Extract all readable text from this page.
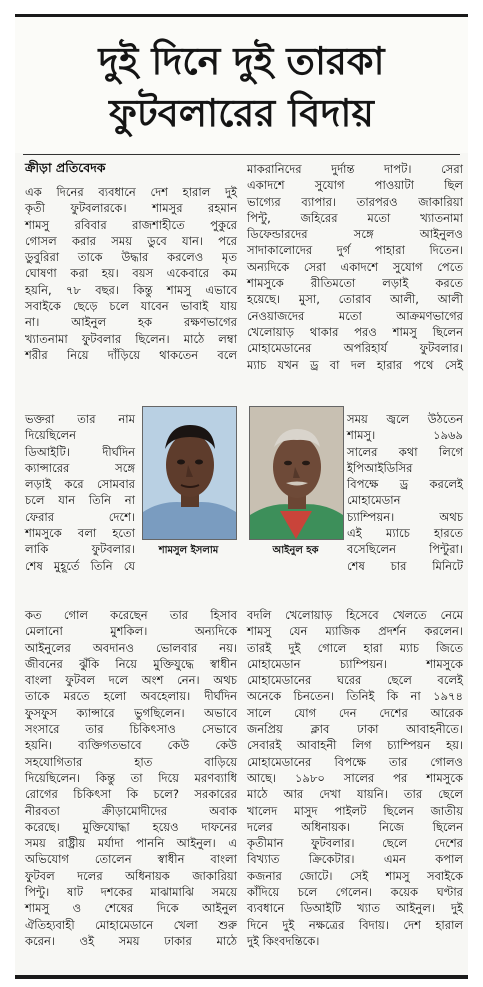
দুই দিনে দুই তারকা
ফুটবলারের বিদায়
ক্রীড়া প্রতিবেদক

এক দিনের ব্যবধানে দেশ হারাল দুই

কৃতী ফুটবলারকে। শামসুর রহমান

শামসু রবিবার রাজশাহীতে পুকুরে

গোসল করার সময় ডুবে যান। পরে

ডুবুরিরা তাকে উদ্ধার করলেও মৃত

ঘোষণা করা হয়। বয়স একেবারে কম

হয়নি, ৭৮ বছর। কিন্তু শামসু এভাবে

সবাইকে ছেড়ে চলে যাবেন ভাবাই যায়

না। আইনুল হক রক্ষণভাগের

খ্যাতনামা ফুটবলার ছিলেন। মাঠে লম্বা

শরীর নিয়ে দাঁড়িয়ে থাকতেন বলে

মাকরানিদের দুর্দান্ত দাপট। সেরা

একাদশে সুযোগ পাওয়াটা ছিল

ভাগ্যের ব্যাপার। তারপরও জাকারিয়া

পিন্টু, জহিরের মতো খ্যাতনামা

ডিফেন্ডারদের সঙ্গে আইনুলও

সাদাকালোদের দুর্গ পাহারা দিতেন।

অন্যদিকে সেরা একাদশে সুযোগ পেতে

শামসুকে রীতিমতো লড়াই করতে

হয়েছে। মুসা, তোরাব আলী, আলী

নেওয়াজদের মতো আক্রমণভাগের

খেলোয়াড় থাকার পরও শামসু ছিলেন

মোহামেডানের অপরিহার্য ফুটবলার।

ম্যাচ যখন ড্র বা দল হারার পথে সেই

ভক্তরা তার নাম

দিয়েছিলেন

ডিআইটি। দীর্ঘদিন

ক্যান্সারের সঙ্গে

লড়াই করে সোমবার

চলে যান তিনি না

ফেরার দেশে।

শামসুকে বলা হতো

লাকি ফুটবলার।

শেষ মুহূর্তে তিনি যে

সময় জ্বলে উঠতেন

শামসু। ১৯৬৯

সালের কথা লিগে

ইপিআইডিসির

বিপক্ষে ড্র করলেই

মোহামেডান

চ্যাম্পিয়ন। অথচ

এই ম্যাচে হারতে

বসেছিলেন পিন্টুরা।

শেষ চার মিনিটে

শামসুল ইসলাম	আইনুল হক

কত গোল করেছেন তার হিসাব

মেলানো মুশকিল। অন্যদিকে

আইনুলের অবদানও ভোলবার নয়।

জীবনের ঝুঁকি নিয়ে মুক্তিযুদ্ধে স্বাধীন

বাংলা ফুটবল দলে অংশ নেন। অথচ

তাকে মরতে হলো অবহেলায়। দীর্ঘদিন

ফুসফুস ক্যান্সারে ভুগছিলেন। অভাবে

সংসারে তার চিকিৎসাও সেভাবে

হয়নি। ব্যক্তিগতভাবে কেউ কেউ

সহযোগিতার হাত বাড়িয়ে

দিয়েছিলেন। কিন্তু তা দিয়ে মরণব্যাধি

রোগের চিকিৎসা কি চলে? সরকারের

নীরবতা ক্রীড়ামোদীদের অবাক

করেছে। মুক্তিযোদ্ধা হয়েও দাফনের

সময় রাষ্ট্রীয় মর্যাদা পাননি আইনুল। এ

অভিযোগ তোলেন স্বাধীন বাংলা

ফুটবল দলের অধিনায়ক জাকারিয়া

পিন্টু। ষাট দশকের মাঝামাঝি সময়ে

শামসু ও শেষের দিকে আইনুল

ঐতিহ্যবাহী মোহামেডানে খেলা শুরু

করেন। ওই সময় ঢাকার মাঠে

বদলি খেলোয়াড় হিসেবে খেলতে নেমে

শামসু যেন ম্যাজিক প্রদর্শন করলেন।

তারই দুই গোলে হারা ম্যাচ জিতে

মোহামেডান চ্যাম্পিয়ন। শামসুকে

মোহামেডানের ঘরের ছেলে বলেই

অনেকে চিনতেন। তিনিই কি না ১৯৭৪

সালে যোগ দেন দেশের আরেক

জনপ্রিয় ক্লাব ঢাকা আবাহনীতে।

সেবারই আবাহনী লিগ চ্যাম্পিয়ন হয়।

মোহামেডানের বিপক্ষে তার গোলও

আছে। ১৯৮০ সালের পর শামসুকে

মাঠে আর দেখা যায়নি। তার ছেলে

খালেদ মাসুদ পাইলট ছিলেন জাতীয়

দলের অধিনায়ক। নিজে ছিলেন

কৃতীমান ফুটবলার। ছেলে দেশের

বিখ্যাত ক্রিকেটার। এমন কপাল

কজনার জোটে। সেই শামসু সবাইকে

কাঁদিয়ে চলে গেলেন। কয়েক ঘণ্টার

ব্যবধানে ডিআইটি খ্যাত আইনুল। দুই

দিনে দুই নক্ষত্রের বিদায়। দেশ হারাল

দুই কিংবদন্তিকে।
